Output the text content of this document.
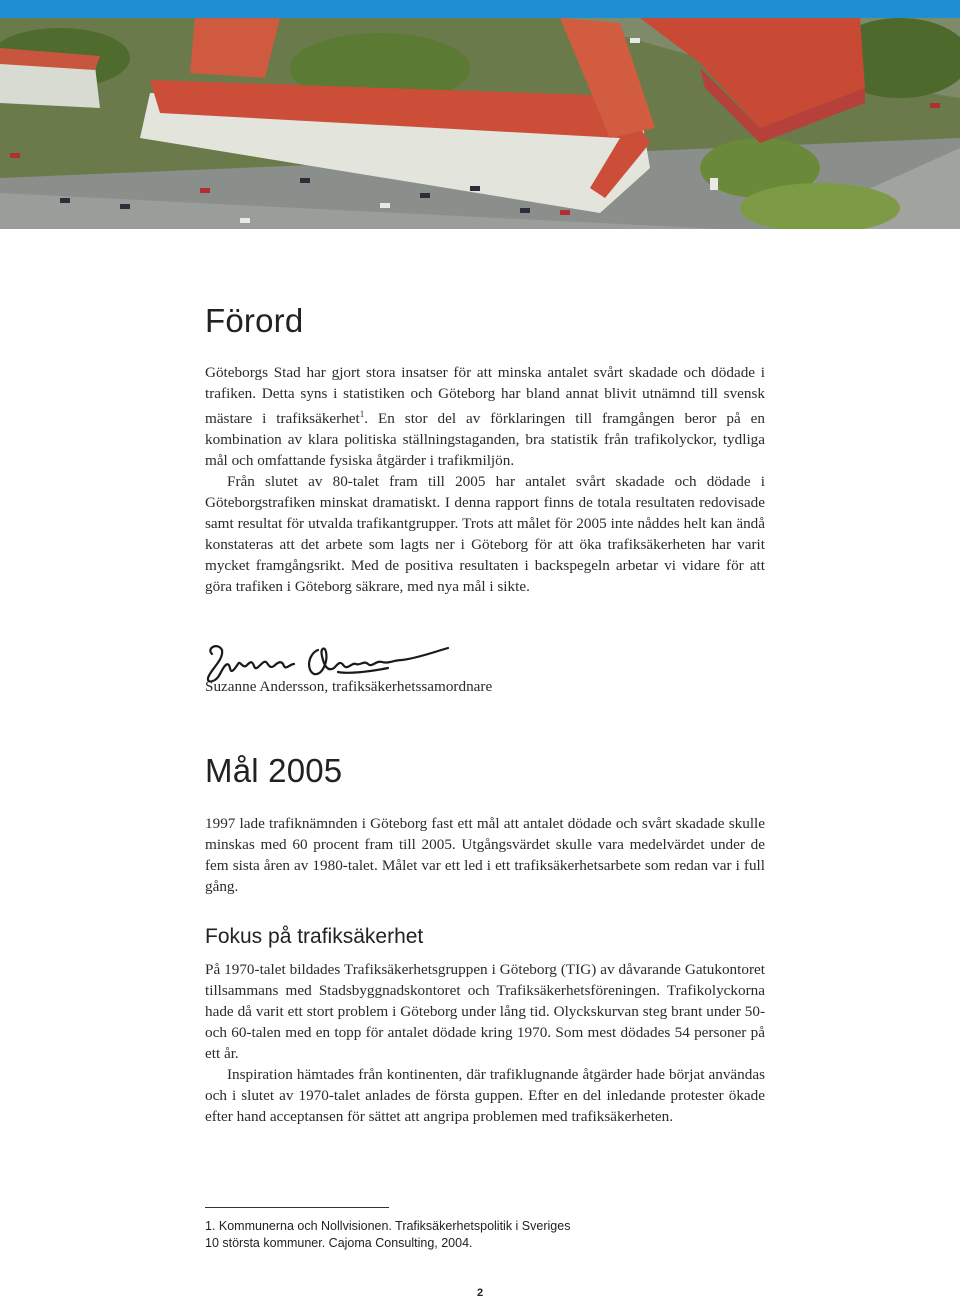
Förord

Göteborgs Stad har gjort stora insatser för att minska antalet svårt skadade och dödade i trafiken. Detta syns i statistiken och Göteborg har bland annat blivit utnämnd till svensk mästare i trafiksäkerhet$^1$. En stor del av förklaringen till framgången beror på en kombination av klara politiska ställningstaganden, bra statistik från trafikolyckor, tydliga mål och omfattande fysiska åtgärder i trafikmiljön.

Från slutet av 80-talet fram till 2005 har antalet svårt skadade och dödade i Göteborgstrafiken minskat dramatiskt. I denna rapport finns de totala resultaten redovisade samt resultat för utvalda trafikantgrupper. Trots att målet för 2005 inte nåddes helt kan ändå konstateras att det arbete som lagts ner i Göteborg för att öka trafiksäkerheten har varit mycket framgångsrikt. Med de positiva resultaten i backspegeln arbetar vi vidare för att göra trafiken i Göteborg säkrare, med nya mål i sikte.

Suzanne Andersson, trafiksäkerhetssamordnare
Mål 2005

1997 lade trafiknämnden i Göteborg fast ett mål att antalet dödade och svårt skadade skulle minskas med 60 procent fram till 2005. Utgångsvärdet skulle vara medelvärdet under de fem sista åren av 1980-talet. Målet var ett led i ett trafiksäkerhetsarbete som redan var i full gång.

Fokus på trafiksäkerhet

På 1970-talet bildades Trafiksäkerhetsgruppen i Göteborg (TIG) av dåvarande Gatukontoret tillsammans med Stadsbyggnadskontoret och Trafiksäkerhetsföreningen. Trafikolyckorna hade då varit ett stort problem i Göteborg under lång tid. Olyckskurvan steg brant under 50- och 60-talen med en topp för antalet dödade kring 1970. Som mest dödades 54 personer på ett år.

Inspiration hämtades från kontinenten, där trafiklugnande åtgärder hade börjat användas och i slutet av 1970-talet anlades de första guppen. Efter en del inledande protester ökade efter hand acceptansen för sättet att angripa problemen med trafiksäkerheten.

1. Kommunerna och Nollvisionen. Trafiksäkerhetspolitik i Sveriges
10 största kommuner. Cajoma Consulting, 2004.
2
